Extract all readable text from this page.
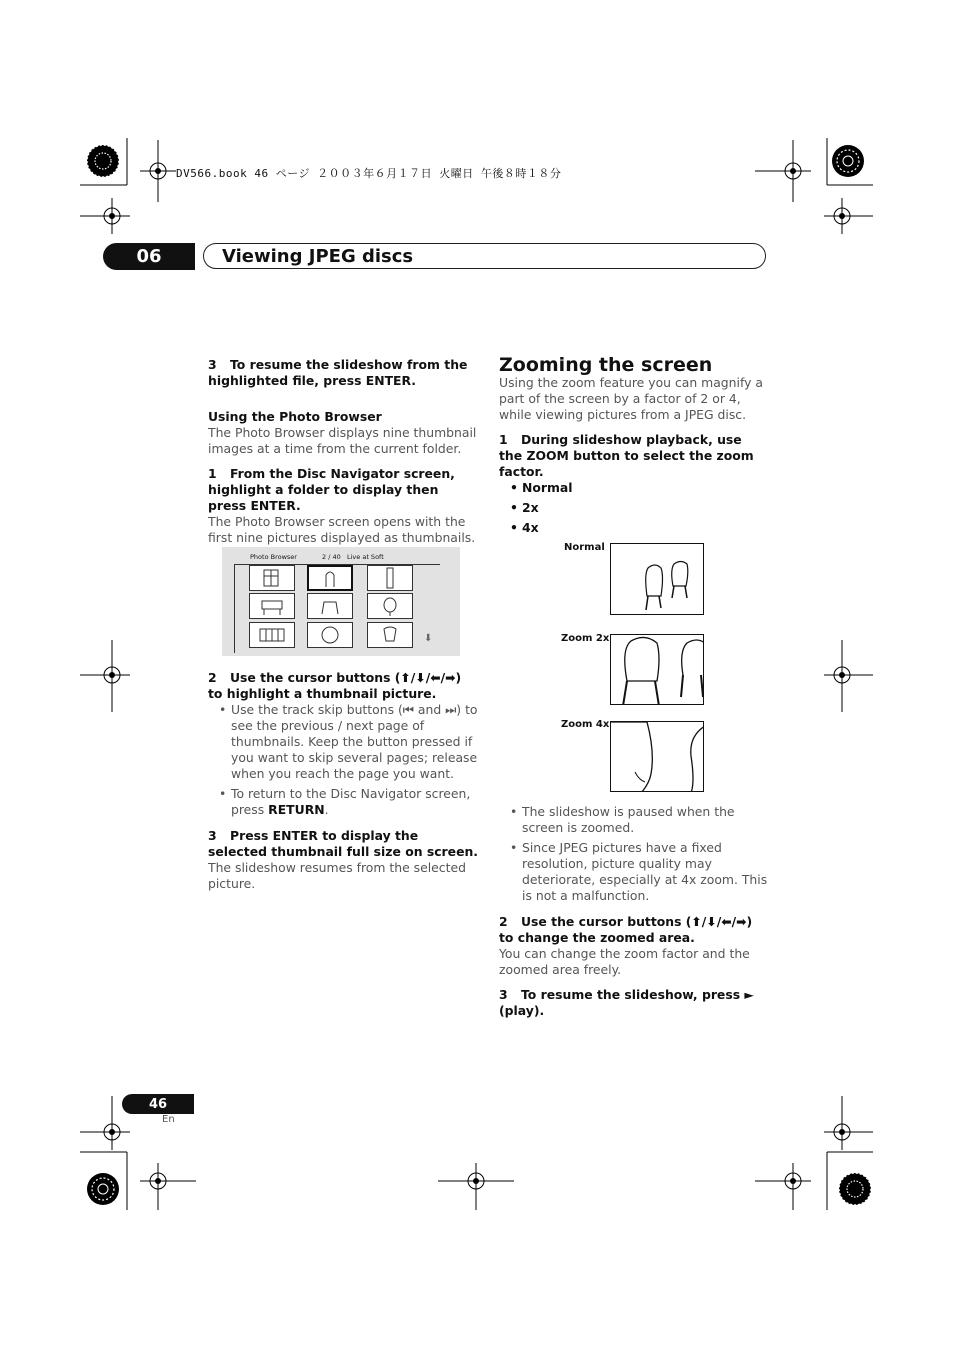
DV566.book 46 ページ ２００３年６月１７日 火曜日 午後８時１８分
06	Viewing JPEG discs

3 To resume the slideshow from the highlighted file, press ENTER.

Using the Photo Browser

The Photo Browser displays nine thumbnail images at a time from the current folder.

1 From the Disc Navigator screen, highlight a folder to display then press ENTER.

The Photo Browser screen opens with the first nine pictures displayed as thumbnails.

Photo Browser	2 / 40 Live at Soft
⬇

2 Use the cursor buttons (⬆/⬇/⬅/➡) to highlight a thumbnail picture.

• Use the track skip buttons (⏮ and ⏭) to see the previous / next page of thumbnails. Keep the button pressed if you want to skip several pages; release when you reach the page you want.
• To return to the Disc Navigator screen, press RETURN.

3 Press ENTER to display the selected thumbnail full size on screen.

The slideshow resumes from the selected picture.

Zooming the screen

Using the zoom feature you can magnify a part of the screen by a factor of 2 or 4, while viewing pictures from a JPEG disc.

1 During slideshow playback, use the ZOOM button to select the zoom factor.

• Normal
• 2x
• 4x
Normal
Zoom 2x
Zoom 4x
• The slideshow is paused when the screen is zoomed.
• Since JPEG pictures have a fixed resolution, picture quality may deteriorate, especially at 4x zoom. This is not a malfunction.

2 Use the cursor buttons (⬆/⬇/⬅/➡) to change the zoomed area.

You can change the zoom factor and the zoomed area freely.

3 To resume the slideshow, press ► (play).

46
En
